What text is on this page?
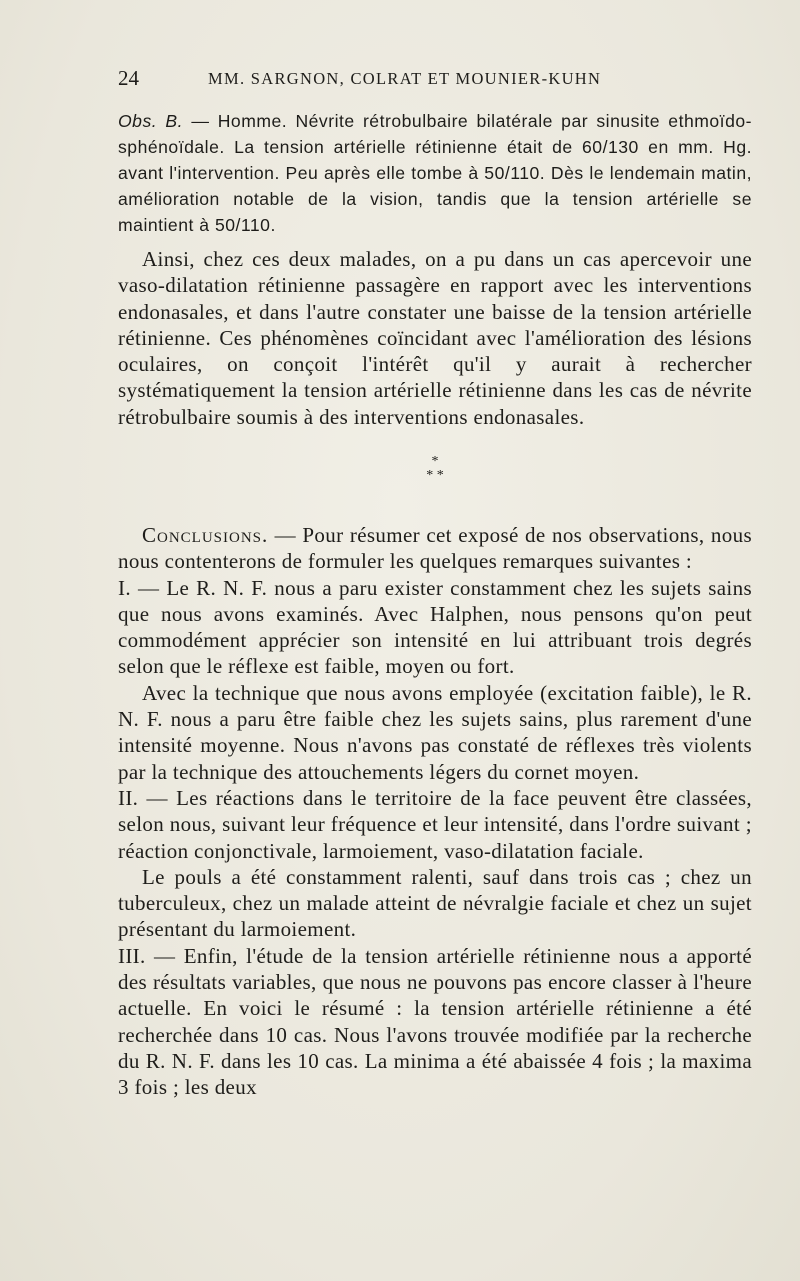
24	MM. SARGNON, COLRAT ET MOUNIER-KUHN
Obs. B. — Homme. Névrite rétrobulbaire bilatérale par sinusite ethmoïdo-sphénoïdale. La tension artérielle rétinienne était de 60/130 en mm. Hg. avant l'intervention. Peu après elle tombe à 50/110. Dès le lendemain matin, amélioration notable de la vision, tandis que la tension artérielle se maintient à 50/110.

Ainsi, chez ces deux malades, on a pu dans un cas apercevoir une vaso-dilatation rétinienne passagère en rapport avec les interventions endonasales, et dans l'autre constater une baisse de la tension artérielle rétinienne. Ces phénomènes coïncidant avec l'amélioration des lésions oculaires, on conçoit l'intérêt qu'il y aurait à rechercher systématiquement la tension artérielle rétinienne dans les cas de névrite rétrobulbaire soumis à des interventions endonasales.

*
* *

Conclusions. — Pour résumer cet exposé de nos observations, nous nous contenterons de formuler les quelques remarques suivantes :

I. — Le R. N. F. nous a paru exister constamment chez les sujets sains que nous avons examinés. Avec Halphen, nous pensons qu'on peut commodément apprécier son intensité en lui attribuant trois degrés selon que le réflexe est faible, moyen ou fort.

Avec la technique que nous avons employée (excitation faible), le R. N. F. nous a paru être faible chez les sujets sains, plus rarement d'une intensité moyenne. Nous n'avons pas constaté de réflexes très violents par la technique des attouchements légers du cornet moyen.

II. — Les réactions dans le territoire de la face peuvent être classées, selon nous, suivant leur fréquence et leur intensité, dans l'ordre suivant ; réaction conjonctivale, larmoiement, vaso-dilatation faciale.

Le pouls a été constamment ralenti, sauf dans trois cas ; chez un tuberculeux, chez un malade atteint de névralgie faciale et chez un sujet présentant du larmoiement.

III. — Enfin, l'étude de la tension artérielle rétinienne nous a apporté des résultats variables, que nous ne pouvons pas encore classer à l'heure actuelle. En voici le résumé : la tension artérielle rétinienne a été recherchée dans 10 cas. Nous l'avons trouvée modifiée par la recherche du R. N. F. dans les 10 cas. La minima a été abaissée 4 fois ; la maxima 3 fois ; les deux
